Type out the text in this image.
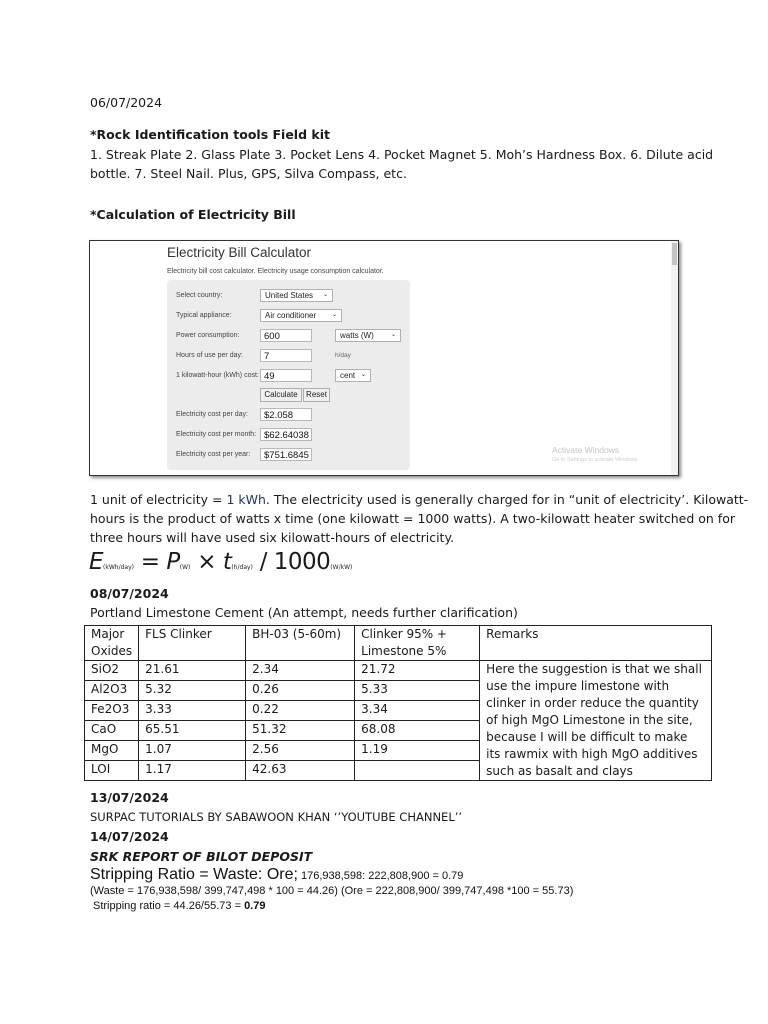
06/07/2024
*Rock Identification tools Field kit
1. Streak Plate 2. Glass Plate 3. Pocket Lens 4. Pocket Magnet 5. Moh’s Hardness Box. 6. Dilute acid
bottle. 7. Steel Nail. Plus, GPS, Silva Compass, etc.
*Calculation of Electricity Bill
Electricity Bill Calculator
Electricity bill cost calculator. Electricity usage consumption calculator.
Select country:	United States ⌄
Typical appliance:	Air conditioner	⌄
Power consumption:	600	watts (W)	⌄
Hours of use per day:	7	h/day
1 kilowatt-hour (kWh) cost: 49	cent ⌄
Calculate	Reset
Electricity cost per day:	$2.058
Electricity cost per month: $62.64038
Electricity cost per year:	$751.6845	Activate Windows
Go to Settings to activate Windows.
1 unit of electricity = 1 kWh. The electricity used is generally charged for in “unit of electricity’. Kilowatt-
hours is the product of watts x time (one kilowatt = 1000 watts). A two-kilowatt heater switched on for
three hours will have used six kilowatt-hours of electricity.
E(kWh/day) = P(W) × t(h/day) / 1000(W/kW)
08/07/2024
Portland Limestone Cement (An attempt, needs further clarification)
Major
Oxides	FLS Clinker	BH-03 (5-60m)	Clinker 95% +
Limestone 5%	Remarks
SiO2	21.61	2.34	21.72	Here the suggestion is that we shall use the impure limestone with clinker in order reduce the quantity of high MgO Limestone in the site, because I will be difficult to make its rawmix with high MgO additives such as basalt and clays
Al2O3	5.32	0.26	5.33	
Fe2O3	3.33	0.22	3.34	
CaO	65.51	51.32	68.08	
MgO	1.07	2.56	1.19	
LOI	1.17	42.63		
13/07/2024
SURPAC TUTORIALS BY SABAWOON KHAN ‘’YOUTUBE CHANNEL’’
14/07/2024
SRK REPORT OF BILOT DEPOSIT
Stripping Ratio = Waste: Ore; 176,938,598: 222,808,900 = 0.79
(Waste = 176,938,598/ 399,747,498 * 100 = 44.26) (Ore = 222,808,900/ 399,747,498 *100 = 55.73)
Stripping ratio = 44.26/55.73 = 0.79
